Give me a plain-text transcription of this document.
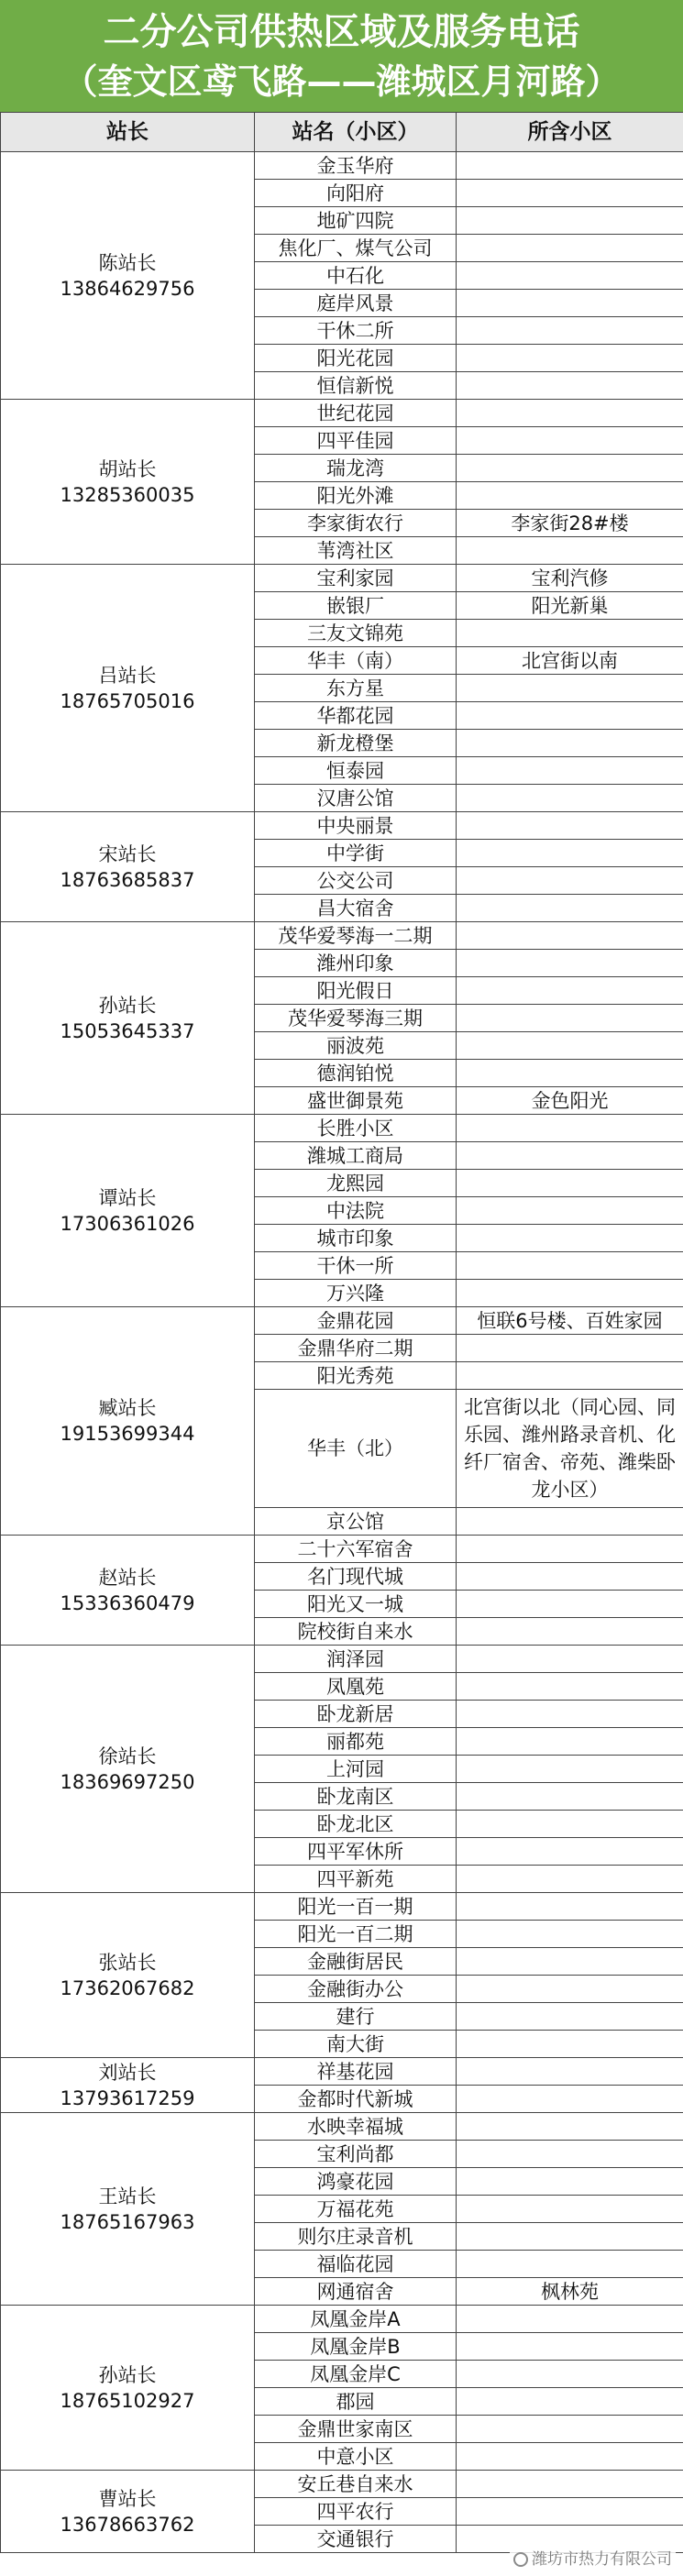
二分公司供热区域及服务电话
（奎文区鸢飞路——潍城区月河路）
站长	站名（小区）	所含小区

陈站长
13864629756	金玉华府	
	向阳府	
	地矿四院	
	焦化厂、煤气公司	
	中石化	
	庭岸风景	
	干休二所	
	阳光花园	
	恒信新悦	

胡站长
13285360035	世纪花园	
	四平佳园	
	瑞龙湾	
	阳光外滩	
	李家街农行	李家街28#楼
	苇湾社区	

吕站长
18765705016	宝利家园	宝利汽修
	嵌银厂	阳光新巢
	三友文锦苑	
	华丰（南）	北宫街以南
	东方星	
	华都花园	
	新龙橙堡	
	恒泰园	
	汉唐公馆	

宋站长
18763685837	中央丽景	
	中学街	
	公交公司	
	昌大宿舍	

孙站长
15053645337	茂华爱琴海一二期	
	潍州印象	
	阳光假日	
	茂华爱琴海三期	
	丽波苑	
	德润铂悦	
	盛世御景苑	金色阳光

谭站长
17306361026	长胜小区	
	潍城工商局	
	龙熙园	
	中法院	
	城市印象	
	干休一所	
	万兴隆	

臧站长
19153699344	金鼎花园	恒联6号楼、百姓家园
	金鼎华府二期	
	阳光秀苑	
	华丰（北）	北宫街以北（同心园、同乐园、潍州路录音机、化纤厂宿舍、帝苑、潍柴卧龙小区）
	京公馆	

赵站长
15336360479	二十六军宿舍	
	名门现代城	
	阳光又一城	
	院校街自来水	

徐站长
18369697250	润泽园	
	凤凰苑	
	卧龙新居	
	丽都苑	
	上河园	
	卧龙南区	
	卧龙北区	
	四平军休所	
	四平新苑	

张站长
17362067682	阳光一百一期	
	阳光一百二期	
	金融街居民	
	金融街办公	
	建行	
	南大街	

刘站长
13793617259	祥基花园	
	金都时代新城	

王站长
18765167963	水映幸福城	
	宝利尚都	
	鸿豪花园	
	万福花苑	
	则尔庄录音机	
	福临花园	
	网通宿舍	枫林苑

孙站长
18765102927	凤凰金岸A	
	凤凰金岸B	
	凤凰金岸C	
	郡园	
	金鼎世家南区	
	中意小区	

曹站长
13678663762	安丘巷自来水	
	四平农行	
	交通银行	
潍坊市热力有限公司
